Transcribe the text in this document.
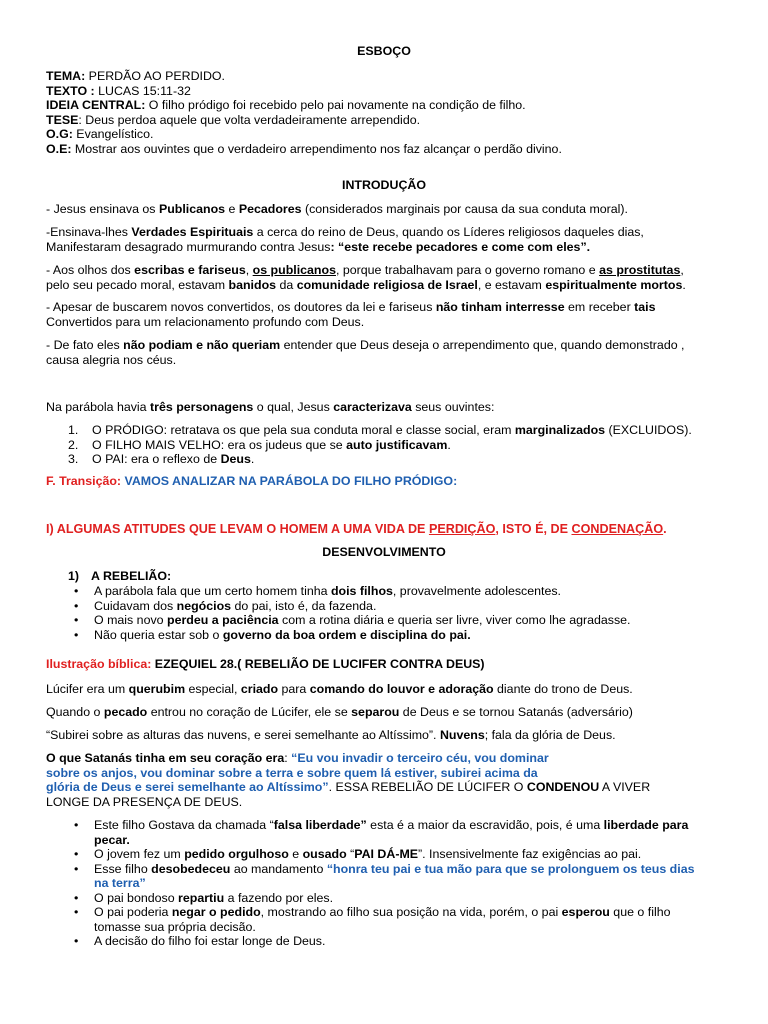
ESBOÇO

TEMA: PERDÃO AO PERDIDO.
TEXTO : LUCAS 15:11-32
IDEIA CENTRAL: O filho pródigo foi recebido pelo pai novamente na condição de filho.
TESE: Deus perdoa aquele que volta verdadeiramente arrependido.
O.G: Evangelístico.
O.E: Mostrar aos ouvintes que o verdadeiro arrependimento nos faz alcançar o perdão divino.

INTRODUÇÃO

- Jesus ensinava os Publicanos e Pecadores (considerados marginais por causa da sua conduta moral).

-Ensinava-lhes Verdades Espirituais a cerca do reino de Deus, quando os Líderes religiosos daqueles dias,
Manifestaram desagrado murmurando contra Jesus: “este recebe pecadores e come com eles”.

- Aos olhos dos escribas e fariseus, os publicanos, porque trabalhavam para o governo romano e as prostitutas,
pelo seu pecado moral, estavam banidos da comunidade religiosa de Israel, e estavam espiritualmente mortos.

- Apesar de buscarem novos convertidos, os doutores da lei e fariseus não tinham interresse em receber tais
Convertidos para um relacionamento profundo com Deus.

- De fato eles não podiam e não queriam entender que Deus deseja o arrependimento que, quando demonstrado ,
causa alegria nos céus.

Na parábola havia três personagens o qual, Jesus caracterizava seus ouvintes:

1. O PRÓDIGO: retratava os que pela sua conduta moral e classe social, eram marginalizados (EXCLUIDOS).
2. O FILHO MAIS VELHO: era os judeus que se auto justificavam.
3. O PAI: era o reflexo de Deus.

F. Transição: VAMOS ANALIZAR NA PARÁBOLA DO FILHO PRÓDIGO:

I) ALGUMAS ATITUDES QUE LEVAM O HOMEM A UMA VIDA DE PERDIÇÃO, ISTO É, DE CONDENAÇÃO.

DESENVOLVIMENTO

1) A REBELIÃO:

• A parábola fala que um certo homem tinha dois filhos, provavelmente adolescentes.
• Cuidavam dos negócios do pai, isto é, da fazenda.
• O mais novo perdeu a paciência com a rotina diária e queria ser livre, viver como lhe agradasse.
• Não queria estar sob o governo da boa ordem e disciplina do pai.

Ilustração bíblica: EZEQUIEL 28.( REBELIÃO DE LUCIFER CONTRA DEUS)

Lúcifer era um querubim especial, criado para comando do louvor e adoração diante do trono de Deus.

Quando o pecado entrou no coração de Lúcifer, ele se separou de Deus e se tornou Satanás (adversário)

“Subirei sobre as alturas das nuvens, e serei semelhante ao Altíssimo”. Nuvens; fala da glória de Deus.

O que Satanás tinha em seu coração era: “Eu vou invadir o terceiro céu, vou dominar
sobre os anjos, vou dominar sobre a terra e sobre quem lá estiver, subirei acima da
glória de Deus e serei semelhante ao Altíssimo”. ESSA REBELIÃO DE LÚCIFER O CONDENOU A VIVER
LONGE DA PRESENÇA DE DEUS.

• Este filho Gostava da chamada “falsa liberdade” esta é a maior da escravidão, pois, é uma liberdade para
pecar.
• O jovem fez um pedido orgulhoso e ousado “PAI DÁ-ME”. Insensivelmente faz exigências ao pai.
• Esse filho desobedeceu ao mandamento “honra teu pai e tua mão para que se prolonguem os teus dias
na terra”
• O pai bondoso repartiu a fazendo por eles.
• O pai poderia negar o pedido, mostrando ao filho sua posição na vida, porém, o pai esperou que o filho
tomasse sua própria decisão.
• A decisão do filho foi estar longe de Deus.
